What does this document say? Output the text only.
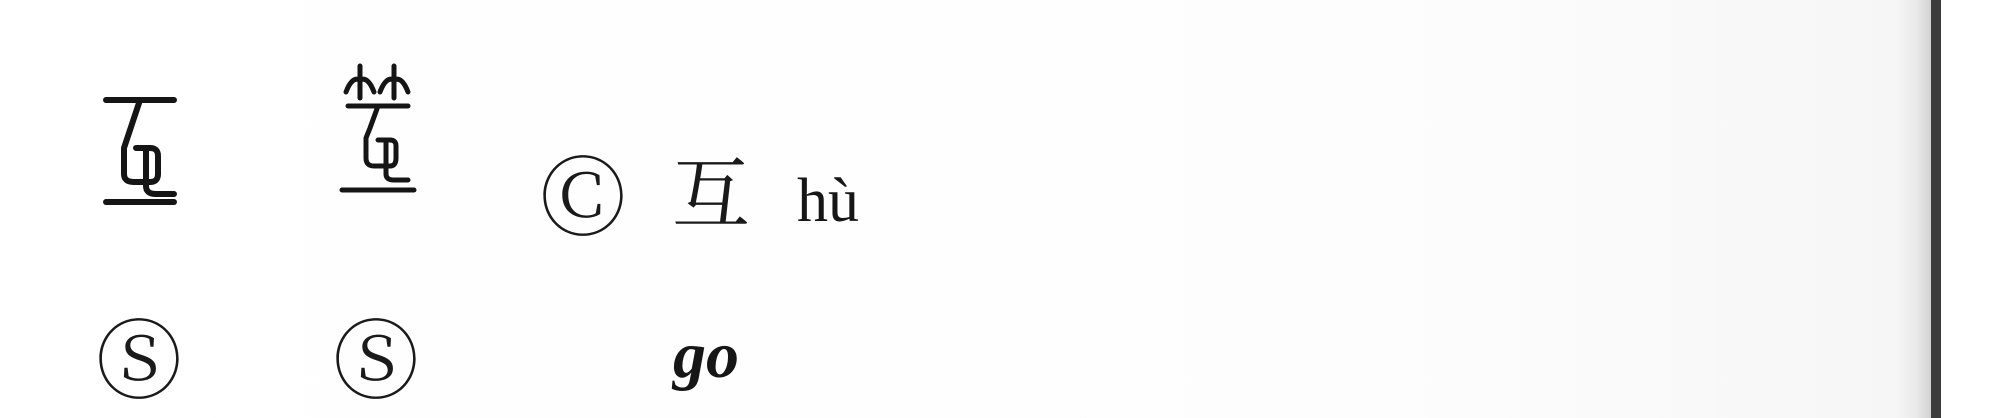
Ⓒ 互 hù
Ⓢ Ⓢ	go
